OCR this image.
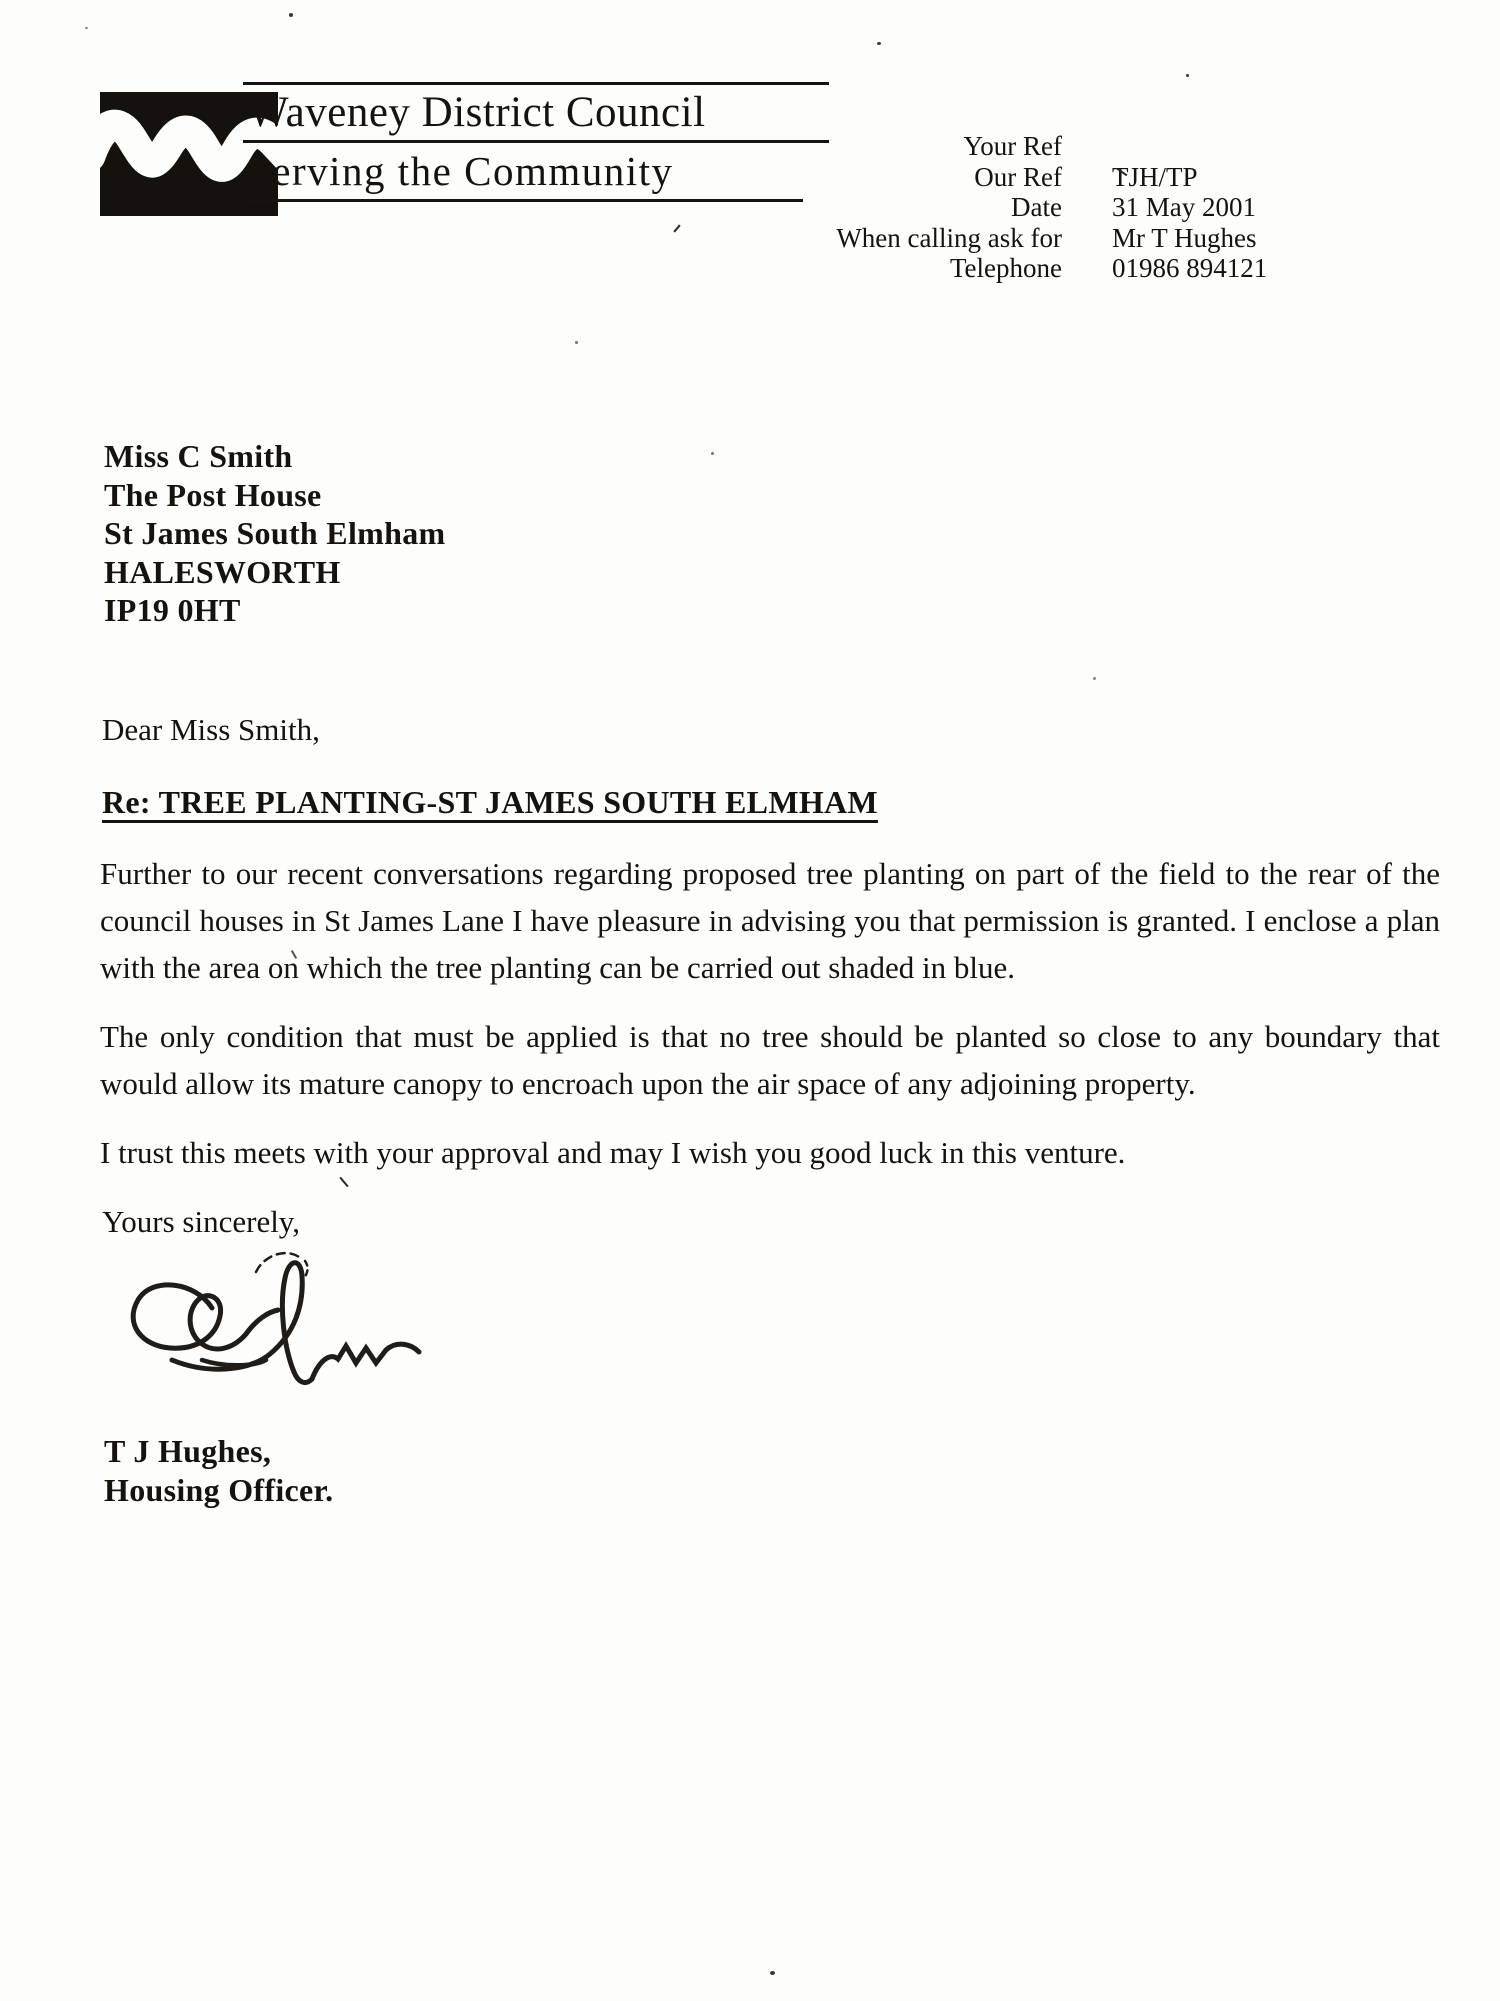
Waveney District Council
Serving the Community
Your Ref
Our Ref	TJH/TP
Date	31 May 2001
When calling ask for	Mr T Hughes
Telephone	01986 894121
Miss C Smith
The Post House
St James South Elmham
HALESWORTH
IP19 0HT
Dear Miss Smith,
Re: TREE PLANTING-ST JAMES SOUTH ELMHAM

Further to our recent conversations regarding proposed tree planting on part of the field to the rear of the council houses in St James Lane I have pleasure in advising you that permission is granted. I enclose a plan with the area on which the tree planting can be carried out shaded in blue.

The only condition that must be applied is that no tree should be planted so close to any boundary that would allow its mature canopy to encroach upon the air space of any adjoining property.

I trust this meets with your approval and may I wish you good luck in this venture.

Yours sincerely,
T J Hughes,
Housing Officer.
